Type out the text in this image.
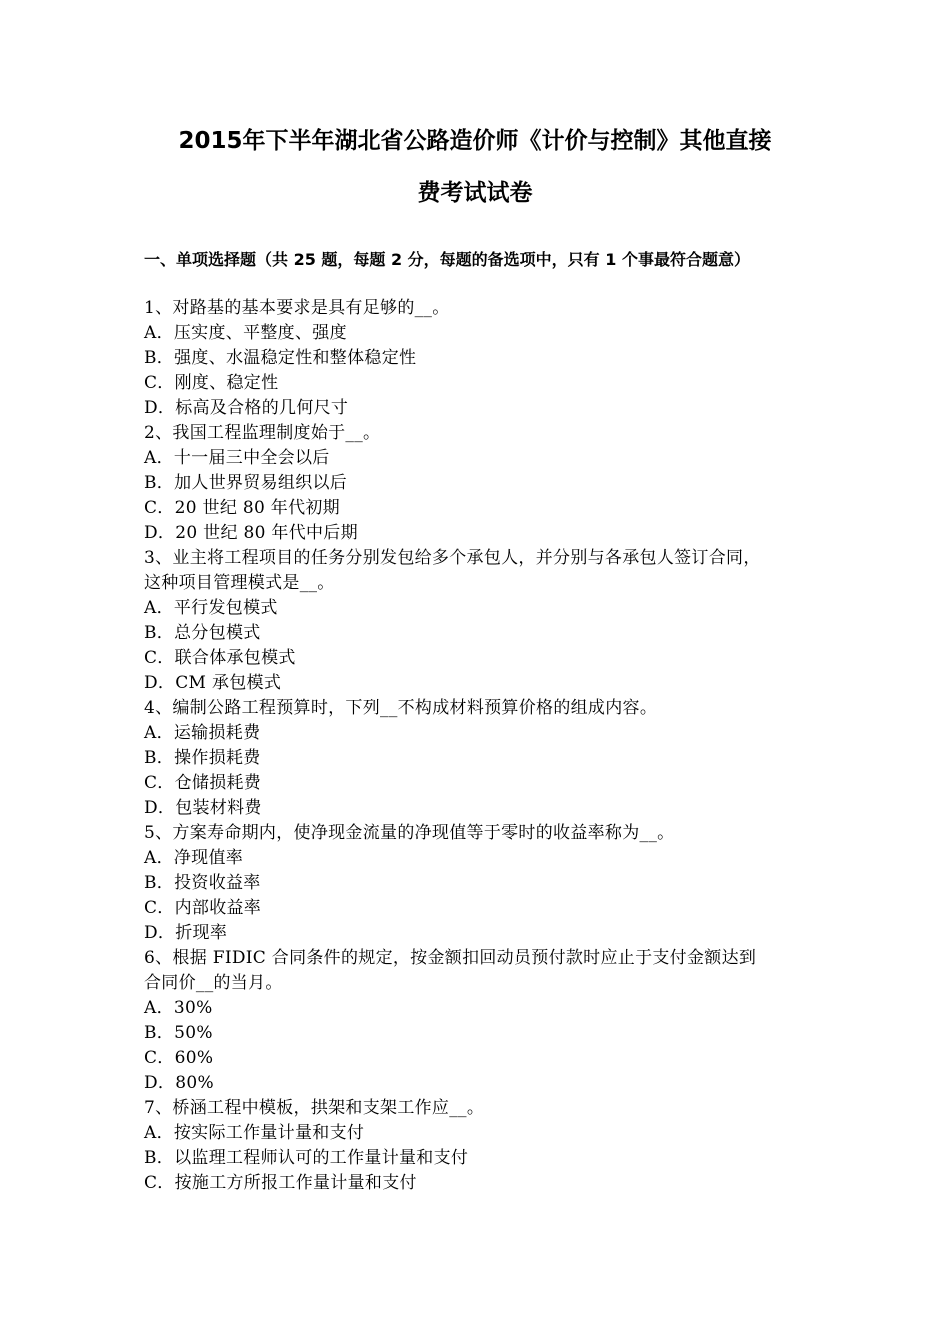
2015年下半年湖北省公路造价师《计价与控制》其他直接
费考试试卷
一、单项选择题（共 25 题，每题 2 分，每题的备选项中，只有 1 个事最符合题意）
1、对路基的基本要求是具有足够的__。
A．压实度、平整度、强度
B．强度、水温稳定性和整体稳定性
C．刚度、稳定性
D．标高及合格的几何尺寸
2、我国工程监理制度始于__。
A．十一届三中全会以后
B．加人世界贸易组织以后
C．20 世纪 80 年代初期
D．20 世纪 80 年代中后期
3、业主将工程项目的任务分别发包给多个承包人，并分别与各承包人签订合同，
这种项目管理模式是__。
A．平行发包模式
B．总分包模式
C．联合体承包模式
D．CM 承包模式
4、编制公路工程预算时，下列__不构成材料预算价格的组成内容。
A．运输损耗费
B．操作损耗费
C．仓储损耗费
D．包装材料费
5、方案寿命期内，使净现金流量的净现值等于零时的收益率称为__。
A．净现值率
B．投资收益率
C．内部收益率
D．折现率
6、根据 FIDIC 合同条件的规定，按金额扣回动员预付款时应止于支付金额达到
合同价__的当月。
A．30%
B．50%
C．60%
D．80%
7、桥涵工程中模板，拱架和支架工作应__。
A．按实际工作量计量和支付
B．以监理工程师认可的工作量计量和支付
C．按施工方所报工作量计量和支付
